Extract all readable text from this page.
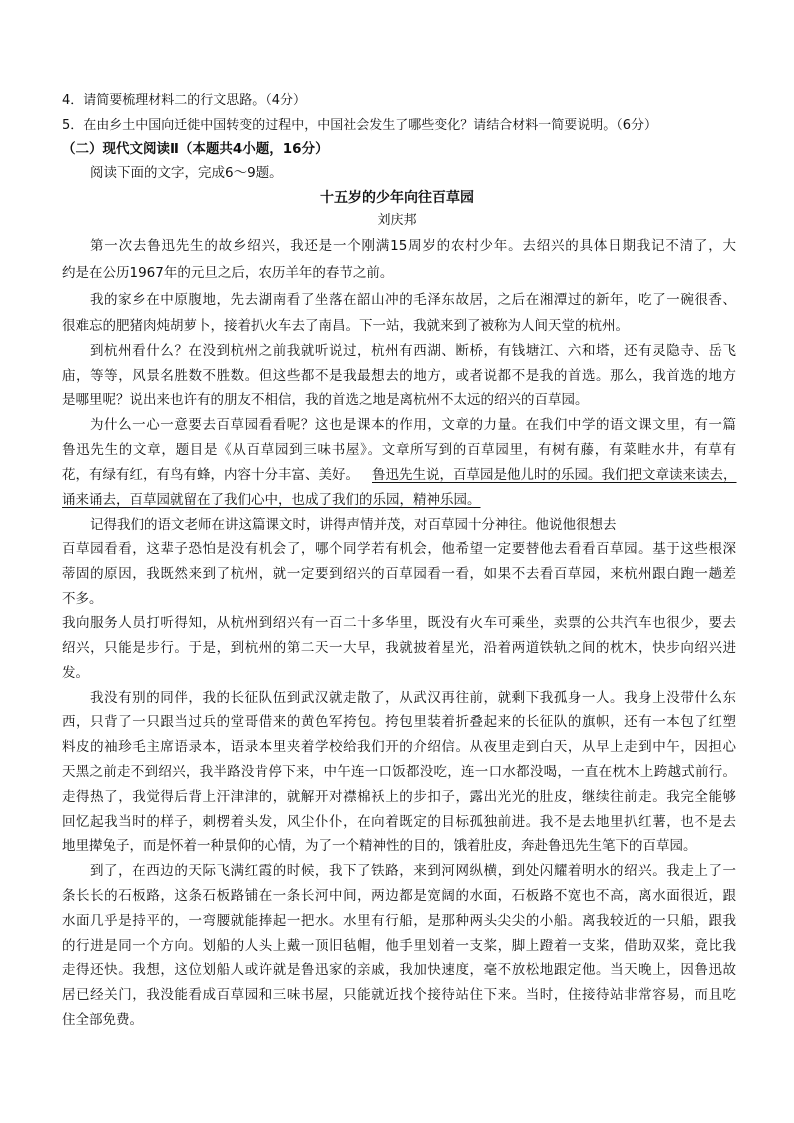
4．请简要梳理材料二的行文思路。（4分）
5．在由乡土中国向迁徙中国转变的过程中，中国社会发生了哪些变化？请结合材料一简要说明。（6分）
（二）现代文阅读Ⅱ（本题共4小题，16分）
阅读下面的文字，完成6～9题。
十五岁的少年向往百草园
刘庆邦
第一次去鲁迅先生的故乡绍兴，我还是一个刚满15周岁的农村少年。去绍兴的具体日期我记不清了，大
约是在公历1967年的元旦之后，农历羊年的春节之前。
我的家乡在中原腹地，先去湖南看了坐落在韶山冲的毛泽东故居，之后在湘潭过的新年，吃了一碗很香、
很难忘的肥猪肉炖胡萝卜，接着扒火车去了南昌。下一站，我就来到了被称为人间天堂的杭州。
到杭州看什么？在没到杭州之前我就听说过，杭州有西湖、断桥，有钱塘江、六和塔，还有灵隐寺、岳飞
庙，等等，风景名胜数不胜数。但这些都不是我最想去的地方，或者说都不是我的首选。那么，我首选的地方
是哪里呢？说出来也许有的朋友不相信，我的首选之地是离杭州不太远的绍兴的百草园。
为什么一心一意要去百草园看看呢？这也是课本的作用，文章的力量。在我们中学的语文课文里，有一篇
鲁迅先生的文章，题目是《从百草园到三味书屋》。文章所写到的百草园里，有树有藤，有菜畦水井，有草有
花，有绿有红，有鸟有蜂，内容十分丰富、美好。 鲁迅先生说，百草园是他儿时的乐园。我们把文章读来读去，
诵来诵去，百草园就留在了我们心中，也成了我们的乐园，精神乐园。
记得我们的语文老师在讲这篇课文时，讲得声情并茂，对百草园十分神往。他说他很想去
百草园看看，这辈子恐怕是没有机会了，哪个同学若有机会，他希望一定要替他去看看百草园。基于这些根深
蒂固的原因，我既然来到了杭州，就一定要到绍兴的百草园看一看，如果不去看百草园，来杭州跟白跑一趟差
不多。
我向服务人员打听得知，从杭州到绍兴有一百二十多华里，既没有火车可乘坐，卖票的公共汽车也很少，要去
绍兴，只能是步行。于是，到杭州的第二天一大早，我就披着星光，沿着两道铁轨之间的枕木，快步向绍兴进
发。
我没有别的同伴，我的长征队伍到武汉就走散了，从武汉再往前，就剩下我孤身一人。我身上没带什么东
西，只背了一只跟当过兵的堂哥借来的黄色军挎包。挎包里装着折叠起来的长征队的旗帜，还有一本包了红塑
料皮的袖珍毛主席语录本，语录本里夹着学校给我们开的介绍信。从夜里走到白天，从早上走到中午，因担心
天黑之前走不到绍兴，我半路没肯停下来，中午连一口饭都没吃，连一口水都没喝，一直在枕木上跨越式前行。
走得热了，我觉得后背上汗津津的，就解开对襟棉袄上的步扣子，露出光光的肚皮，继续往前走。我完全能够
回忆起我当时的样子，刺楞着头发，风尘仆仆，在向着既定的目标孤独前进。我不是去地里扒红薯，也不是去
地里撵兔子，而是怀着一种景仰的心情，为了一个精神性的目的，饿着肚皮，奔赴鲁迅先生笔下的百草园。
到了，在西边的天际飞满红霞的时候，我下了铁路，来到河网纵横，到处闪耀着明水的绍兴。我走上了一
条长长的石板路，这条石板路铺在一条长河中间，两边都是宽阔的水面，石板路不宽也不高，离水面很近，跟
水面几乎是持平的，一弯腰就能捧起一把水。水里有行船，是那种两头尖尖的小船。离我较近的一只船，跟我
的行进是同一个方向。划船的人头上戴一顶旧毡帽，他手里划着一支桨，脚上蹬着一支桨，借助双桨，竟比我
走得还快。我想，这位划船人或许就是鲁迅家的亲戚，我加快速度，毫不放松地跟定他。当天晚上，因鲁迅故
居已经关门，我没能看成百草园和三味书屋，只能就近找个接待站住下来。当时，住接待站非常容易，而且吃
住全部免费。
